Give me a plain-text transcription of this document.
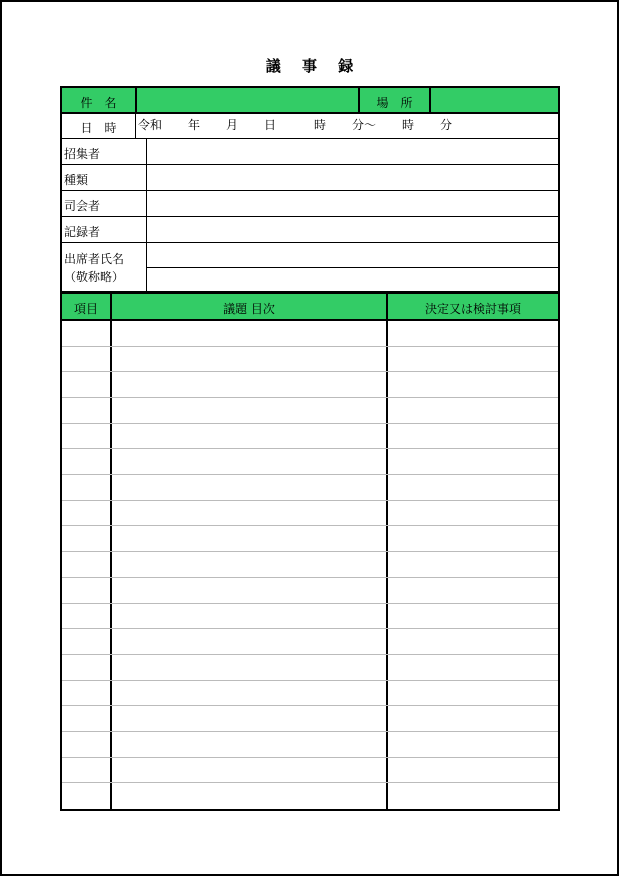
議 事 録
件　名	場　所
日　時	令和 年 月 日	時 分～ 時 分
招集者
種類
司会者
記録者
出席者氏名
（敬称略）
項目	議題 目次	決定又は検討事項
